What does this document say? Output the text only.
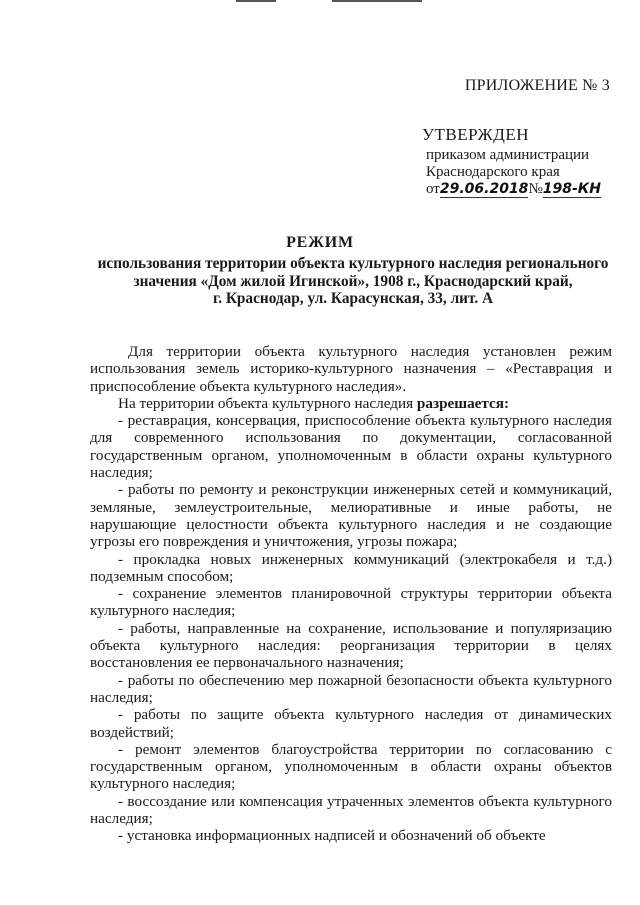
ПРИЛОЖЕНИЕ № 3
УТВЕРЖДЕН
приказом администрации
Краснодарского края
от29.06.2018№198-КН
РЕЖИМ
использования территории объекта культурного наследия регионального
значения «Дом жилой Игинской», 1908 г., Краснодарский край,
г. Краснодар, ул. Карасунская, 33, лит. А

Для территории объекта культурного наследия установлен режим использования земель историко-культурного назначения – «Реставрация и приспособление объекта культурного наследия».

На территории объекта культурного наследия разрешается:

- реставрация, консервация, приспособление объекта культурного наследия для современного использования по документации, согласованной государственным органом, уполномоченным в области охраны культурного наследия;

- работы по ремонту и реконструкции инженерных сетей и коммуникаций, земляные, землеустроительные, мелиоративные и иные работы, не нарушающие целостности объекта культурного наследия и не создающие угрозы его повреждения и уничтожения, угрозы пожара;

- прокладка новых инженерных коммуникаций (электрокабеля и т.д.) подземным способом;

- сохранение элементов планировочной структуры территории объекта культурного наследия;

- работы, направленные на сохранение, использование и популяризацию объекта культурного наследия: реорганизация территории в целях восстановления ее первоначального назначения;

- работы по обеспечению мер пожарной безопасности объекта культурного наследия;

- работы по защите объекта культурного наследия от динамических воздействий;

- ремонт элементов благоустройства территории по согласованию с государственным органом, уполномоченным в области охраны объектов культурного наследия;

- воссоздание или компенсация утраченных элементов объекта культурного наследия;

- установка информационных надписей и обозначений об объекте
